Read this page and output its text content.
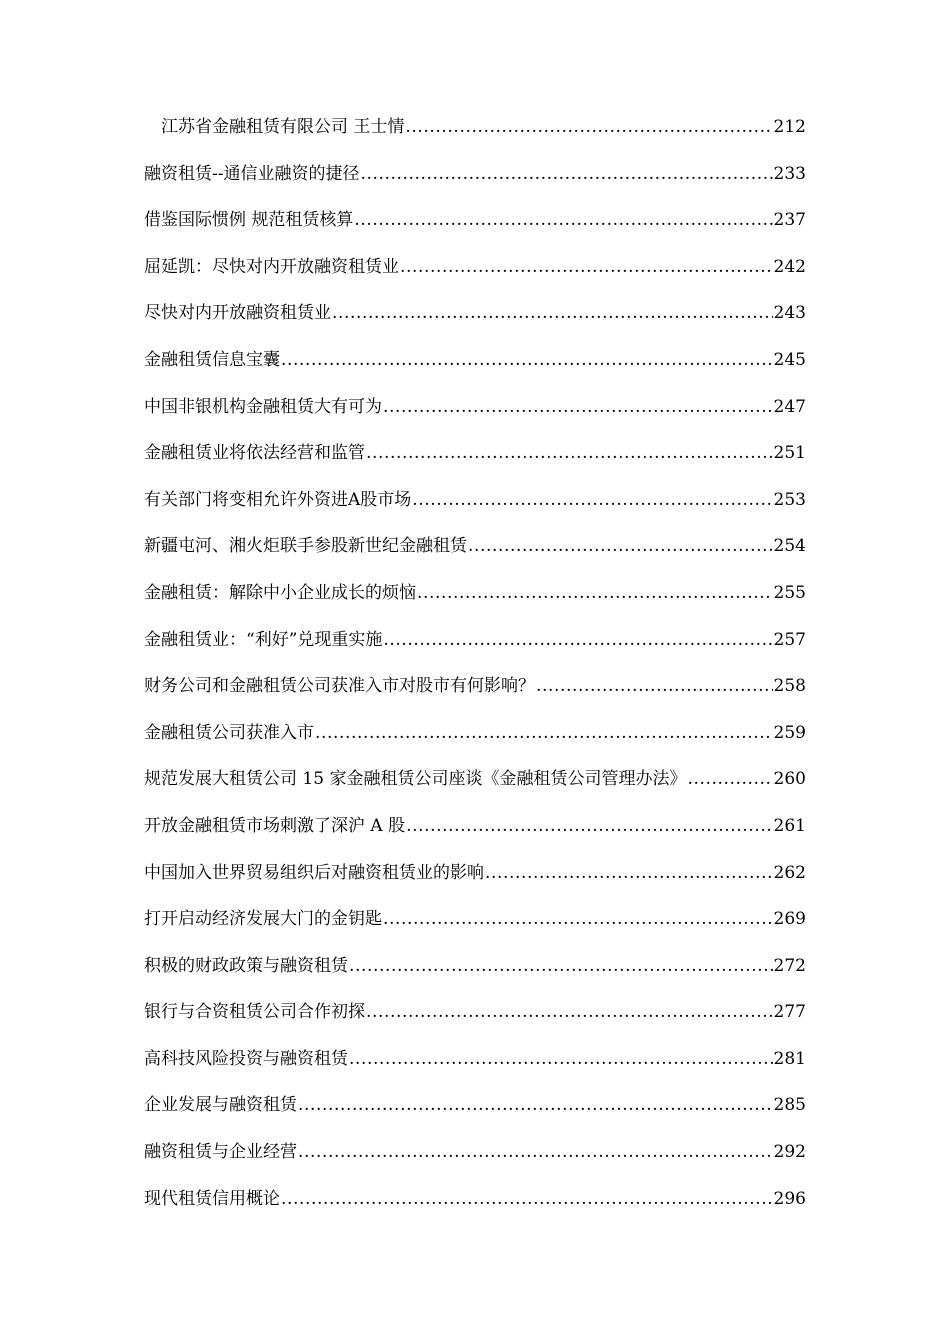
江苏省金融租赁有限公司 王士情 .....	212
融资租赁--通信业融资的捷径 .....	233
借鉴国际惯例 规范租赁核算 .....	237
屈延凯：尽快对内开放融资租赁业 .....	242
尽快对内开放融资租赁业 .....	243
金融租赁信息宝囊 .....	245
中国非银机构金融租赁大有可为 .....	247
金融租赁业将依法经营和监管 .....	251
有关部门将变相允许外资进A股市场 .....	253
新疆屯河、湘火炬联手参股新世纪金融租赁 .....	254
金融租赁：解除中小企业成长的烦恼 .....	255
金融租赁业：“利好”兑现重实施 .....	257
财务公司和金融租赁公司获准入市对股市有何影响？ .....	258
金融租赁公司获准入市 .....	259
规范发展大租赁公司 15 家金融租赁公司座谈《金融租赁公司管理办法》 .....	260
开放金融租赁市场刺激了深沪 A 股 .....	261
中国加入世界贸易组织后对融资租赁业的影响 .....	262
打开启动经济发展大门的金钥匙 .....	269
积极的财政政策与融资租赁 .....	272
银行与合资租赁公司合作初探 .....	277
高科技风险投资与融资租赁 .....	281
企业发展与融资租赁 .....	285
融资租赁与企业经营 .....	292
现代租赁信用概论 .....	296
